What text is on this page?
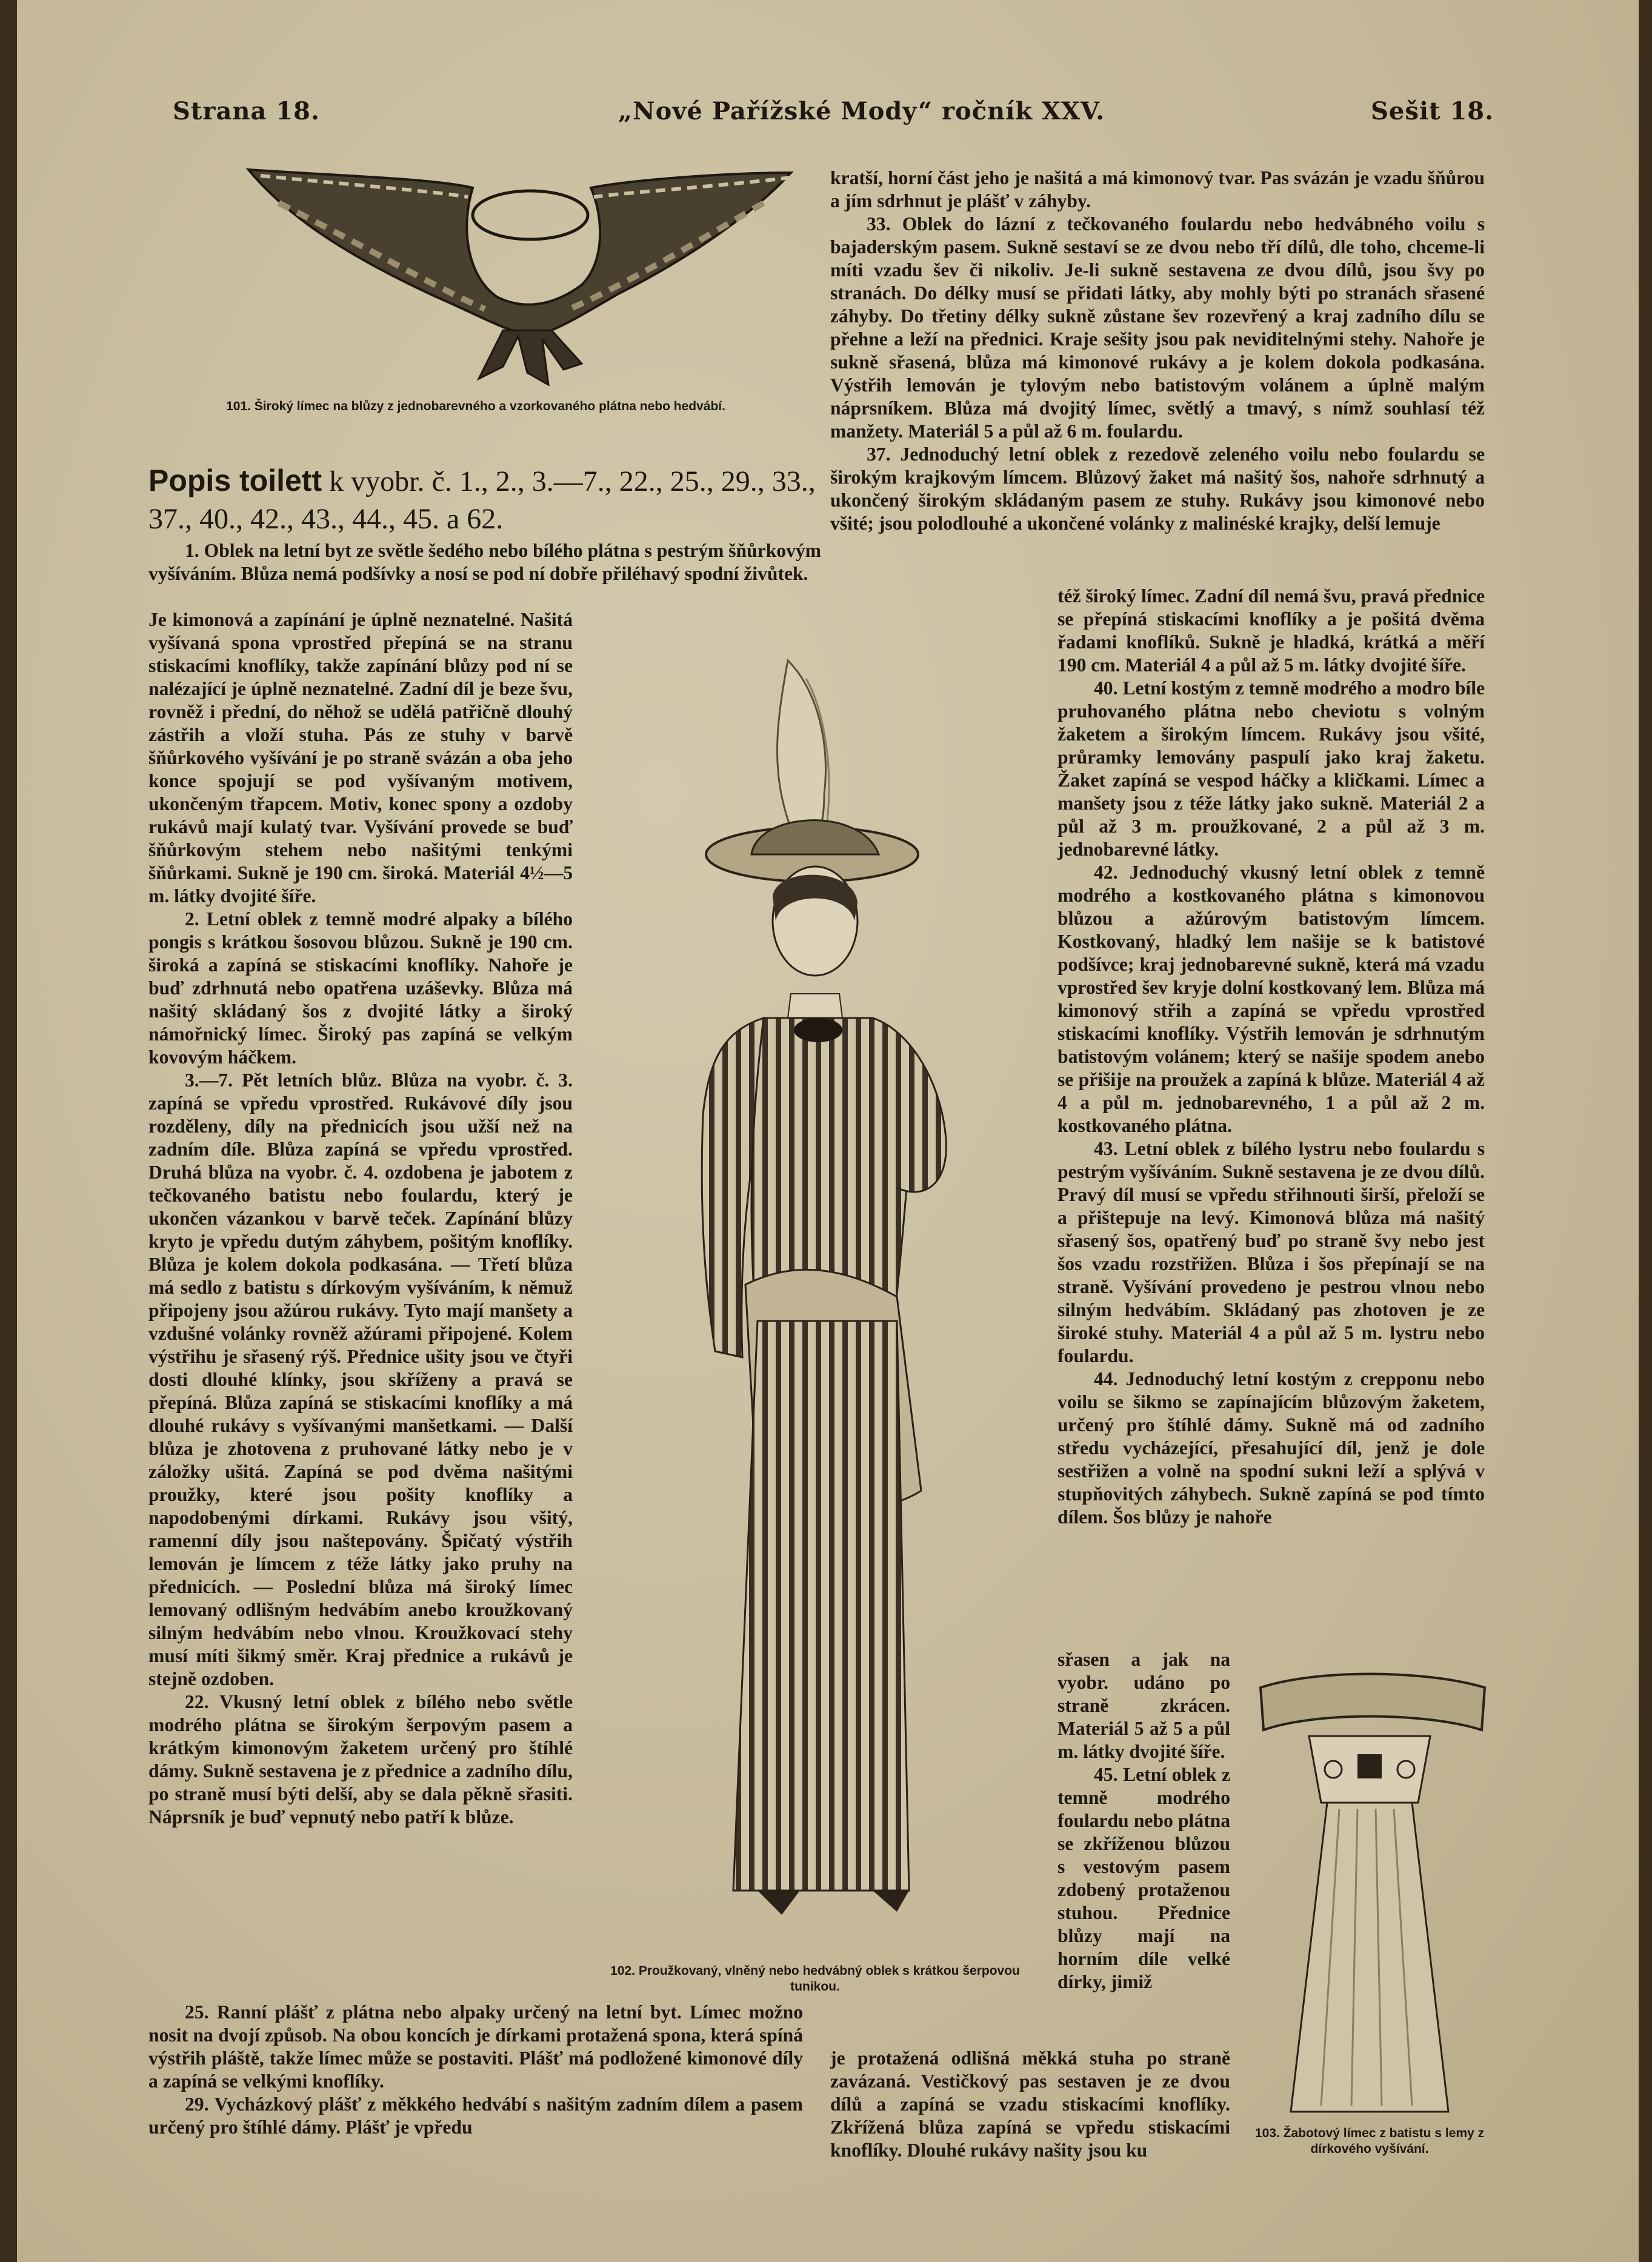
Strana 18.	„Nové Pařížské Mody“ ročník XXV.	Sešit 18.

101. Široký límec na blůzy z jednobarevného a vzorkovaného plátna nebo hedvábí.

Popis toilett k vyobr. č. 1., 2., 3.—7., 22., 25., 29., 33., 37., 40., 42., 43., 44., 45. a 62.

1. Oblek na letní byt ze světle šedého nebo bílého plátna s pestrým šňůrkovým vyšíváním. Blůza nemá podšívky a nosí se pod ní dobře přiléhavý spodní živůtek.

Je kimonová a zapínání je úplně neznatelné. Našitá vyšívaná spona vprostřed přepíná se na stranu stiskacími knoflíky, takže zapínání blůzy pod ní se nalézající je úplně neznatelné. Zadní díl je beze švu, rovněž i přední, do něhož se udělá patřičně dlouhý zástřih a vloží stuha. Pás ze stuhy v barvě šňůrkového vyšívání je po straně svázán a oba jeho konce spojují se pod vyšívaným motivem, ukončeným třapcem. Motiv, konec spony a ozdoby rukávů mají kulatý tvar. Vyšívání provede se buď šňůrkovým stehem nebo našitými tenkými šňůrkami. Sukně je 190 cm. široká. Materiál 4½—5 m. látky dvojité šíře.

2. Letní oblek z temně modré alpaky a bílého pongis s krátkou šosovou blůzou. Sukně je 190 cm. široká a zapíná se stiskacími knoflíky. Nahoře je buď zdrhnutá nebo opatřena uzáševky. Blůza má našitý skládaný šos z dvojité látky a široký námořnický límec. Široký pas zapíná se velkým kovovým háčkem.

3.—7. Pět letních blůz. Blůza na vyobr. č. 3. zapíná se vpředu vprostřed. Rukávové díly jsou rozděleny, díly na přednicích jsou užší než na zadním díle. Blůza zapíná se vpředu vprostřed. Druhá blůza na vyobr. č. 4. ozdobena je jabotem z tečkovaného batistu nebo foulardu, který je ukončen vázankou v barvě teček. Zapínání blůzy kryto je vpředu dutým záhybem, pošitým knoflíky. Blůza je kolem dokola podkasána. — Třetí blůza má sedlo z batistu s dírkovým vyšíváním, k němuž připojeny jsou ažúrou rukávy. Tyto mají manšety a vzdušné volánky rovněž ažúrami připojené. Kolem výstřihu je sřasený rýš. Přednice ušity jsou ve čtyři dosti dlouhé klínky, jsou skříženy a pravá se přepíná. Blůza zapíná se stiskacími knoflíky a má dlouhé rukávy s vyšívanými manšetkami. — Další blůza je zhotovena z pruhované látky nebo je v záložky ušitá. Zapíná se pod dvěma našitými proužky, které jsou pošity knoflíky a napodobenými dírkami. Rukávy jsou všitý, ramenní díly jsou naštepovány. Špičatý výstřih lemován je límcem z téže látky jako pruhy na přednicích. — Poslední blůza má široký límec lemovaný odlišným hedvábím anebo kroužkovaný silným hedvábím nebo vlnou. Kroužkovací stehy musí míti šikmý směr. Kraj přednice a rukávů je stejně ozdoben.

22. Vkusný letní oblek z bílého nebo světle modrého plátna se širokým šerpovým pasem a krátkým kimonovým žaketem určený pro štíhlé dámy. Sukně sestavena je z přednice a zadního dílu, po straně musí býti delší, aby se dala pěkně sřasiti. Náprsník je buď vepnutý nebo patří k blůze.

25. Ranní plášť z plátna nebo alpaky určený na letní byt. Límec možno nosit na dvojí způsob. Na obou koncích je dírkami protažená spona, která spíná výstřih pláště, takže límec může se postaviti. Plášť má podložené kimonové díly a zapíná se velkými knoflíky.

29. Vycházkový plášť z měkkého hedvábí s našitým zadním dílem a pasem určený pro štíhlé dámy. Plášť je vpředu

102. Proužkovaný, vlněný nebo hedvábný oblek s krátkou šerpovou tunikou.

kratší, horní část jeho je našitá a má kimonový tvar. Pas svázán je vzadu šňůrou a jím sdrhnut je plášť v záhyby.

33. Oblek do lázní z tečkovaného foulardu nebo hedvábného voilu s bajaderským pasem. Sukně sestaví se ze dvou nebo tří dílů, dle toho, chceme-li míti vzadu šev či nikoliv. Je-li sukně sestavena ze dvou dílů, jsou švy po stranách. Do délky musí se přidati látky, aby mohly býti po stranách sřasené záhyby. Do třetiny délky sukně zůstane šev rozevřený a kraj zadního dílu se přehne a leží na přednici. Kraje sešity jsou pak neviditelnými stehy. Nahoře je sukně sřasená, blůza má kimonové rukávy a je kolem dokola podkasána. Výstřih lemován je tylovým nebo batistovým volánem a úplně malým náprsníkem. Blůza má dvojitý límec, světlý a tmavý, s nímž souhlasí též manžety. Materiál 5 a půl až 6 m. foulardu.

37. Jednoduchý letní oblek z rezedově zeleného voilu nebo foulardu se širokým krajkovým límcem. Blůzový žaket má našitý šos, nahoře sdrhnutý a ukončený širokým skládaným pasem ze stuhy. Rukávy jsou kimonové nebo všité; jsou polodlouhé a ukončené volánky z malinéské krajky, delší lemuje

též široký límec. Zadní díl nemá švu, pravá přednice se přepíná stiskacími knoflíky a je pošitá dvěma řadami knoflíků. Sukně je hladká, krátká a měří 190 cm. Materiál 4 a půl až 5 m. látky dvojité šíře.

40. Letní kostým z temně modrého a modro bíle pruhovaného plátna nebo cheviotu s volným žaketem a širokým límcem. Rukávy jsou všité, průramky lemovány paspulí jako kraj žaketu. Žaket zapíná se vespod háčky a kličkami. Límec a manšety jsou z téže látky jako sukně. Materiál 2 a půl až 3 m. proužkované, 2 a půl až 3 m. jednobarevné látky.

42. Jednoduchý vkusný letní oblek z temně modrého a kostkovaného plátna s kimonovou blůzou a ažúrovým batistovým límcem. Kostkovaný, hladký lem našije se k batistové podšívce; kraj jednobarevné sukně, která má vzadu vprostřed šev kryje dolní kostkovaný lem. Blůza má kimonový střih a zapíná se vpředu vprostřed stiskacími knoflíky. Výstřih lemován je sdrhnutým batistovým volánem; který se našije spodem anebo se přišije na proužek a zapíná k blůze. Materiál 4 až 4 a půl m. jednobarevného, 1 a půl až 2 m. kostkovaného plátna.

43. Letní oblek z bílého lystru nebo foulardu s pestrým vyšíváním. Sukně sestavena je ze dvou dílů. Pravý díl musí se vpředu střihnouti širší, přeloží se a přištepuje na levý. Kimonová blůza má našitý sřasený šos, opatřený buď po straně švy nebo jest šos vzadu rozstřižen. Blůza i šos přepínají se na straně. Vyšívání provedeno je pestrou vlnou nebo silným hedvábím. Skládaný pas zhotoven je ze široké stuhy. Materiál 4 a půl až 5 m. lystru nebo foulardu.

44. Jednoduchý letní kostým z crepponu nebo voilu se šikmo se zapínajícím blůzovým žaketem, určený pro štíhlé dámy. Sukně má od zadního středu vycházející, přesahující díl, jenž je dole sestřižen a volně na spodní sukni leží a splývá v stupňovitých záhybech. Sukně zapíná se pod tímto dílem. Šos blůzy je nahoře

sřasen a jak na vyobr. udáno po straně zkrácen. Materiál 5 až 5 a půl m. látky dvojité šíře.

45. Letní oblek z temně modrého foulardu nebo plátna se zkříženou blůzou s vestovým pasem zdobený protaženou stuhou. Přednice blůzy mají na horním díle velké dírky, jimiž

je protažená odlišná měkká stuha po straně zavázaná. Vestičkový pas sestaven je ze dvou dílů a zapíná se vzadu stiskacími knoflíky. Zkřížená blůza zapíná se vpředu stiskacími knoflíky. Dlouhé rukávy našity jsou ku

103. Žabotový límec z batistu s lemy z dírkového vyšívání.
